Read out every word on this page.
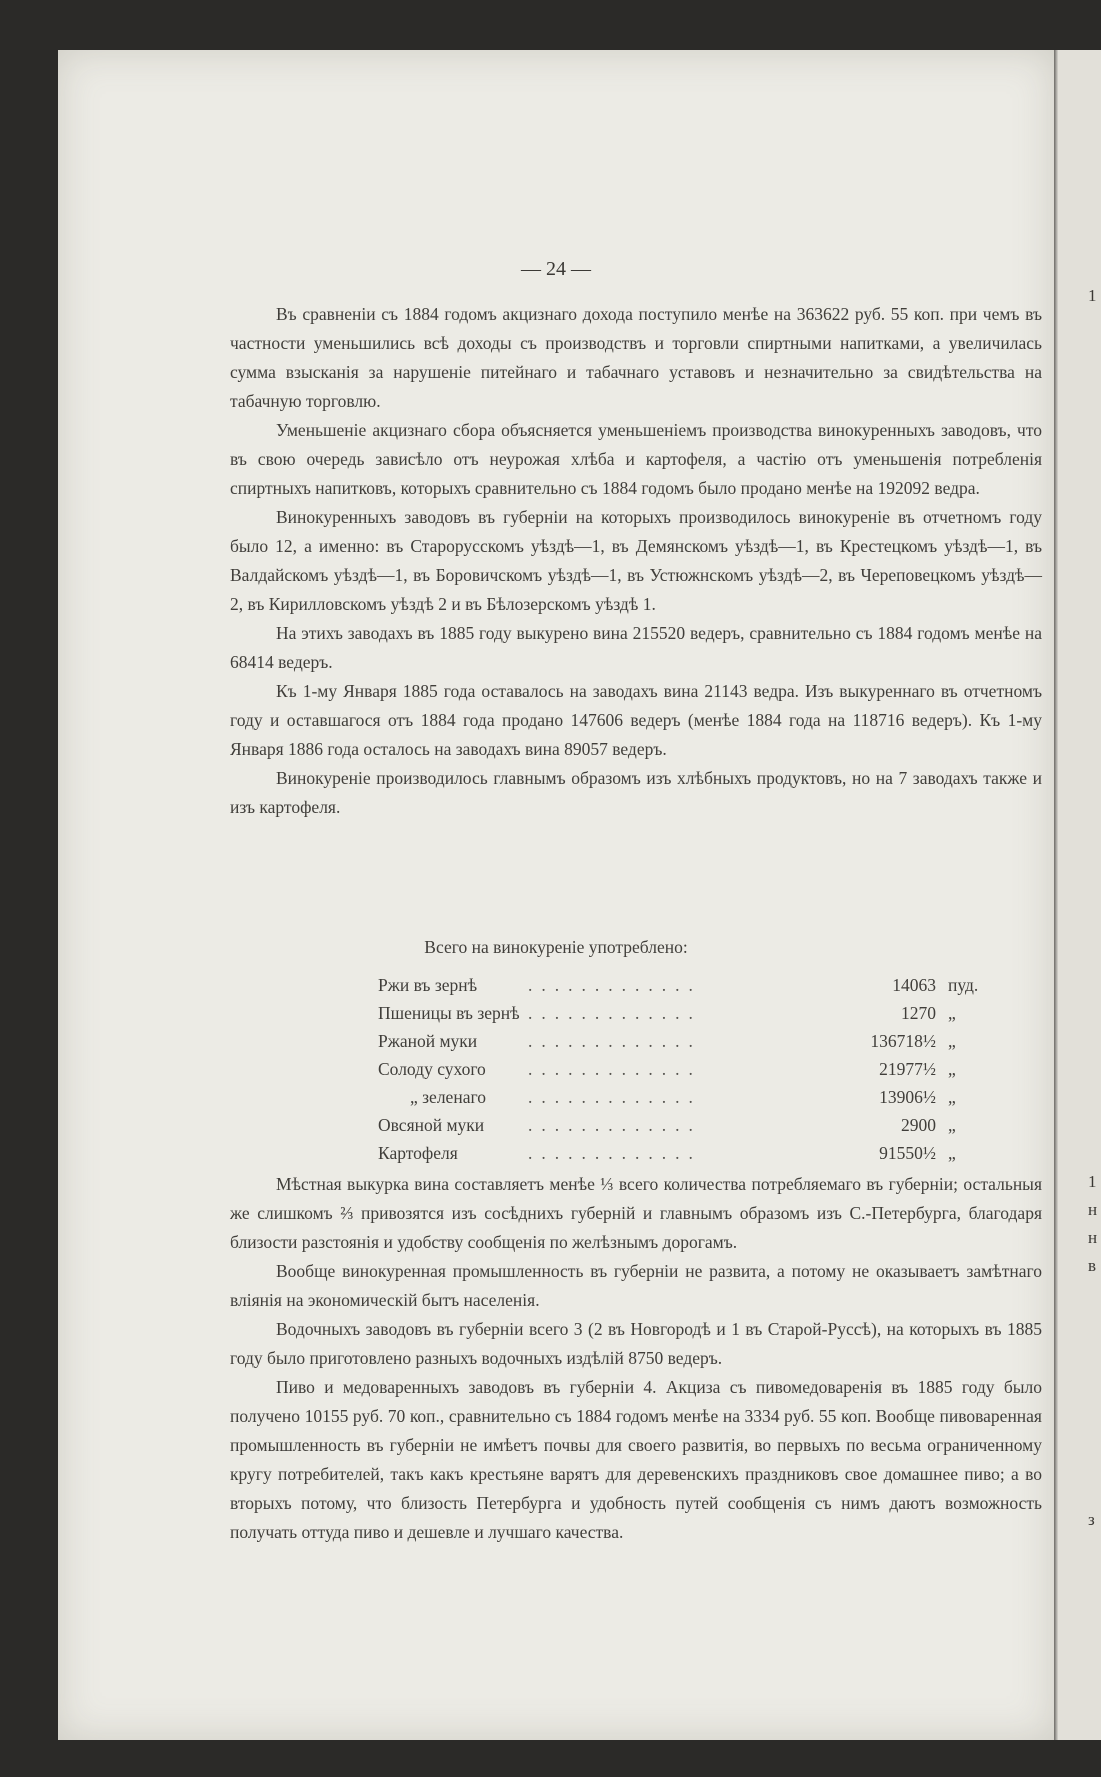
— 24 —

Въ сравненіи съ 1884 годомъ акцизнаго дохода поступило менѣе на 363622 руб. 55 коп. при чемъ въ частности уменьшились всѣ доходы съ производствъ и торговли спиртными напитками, а увеличилась сумма взысканія за нарушеніе питейнаго и табачнаго уставовъ и незначительно за свидѣтельства на табачную торговлю.

Уменьшеніе акцизнаго сбора объясняется уменьшеніемъ производства винокуренныхъ заводовъ, что въ свою очередь зависѣло отъ неурожая хлѣба и картофеля, а частію отъ уменьшенія потребленія спиртныхъ напитковъ, которыхъ сравнительно съ 1884 годомъ было продано менѣе на 192092 ведра.

Винокуренныхъ заводовъ въ губерніи на которыхъ производилось винокуреніе въ отчетномъ году было 12, а именно: въ Старорусскомъ уѣздѣ—1, въ Демянскомъ уѣздѣ—1, въ Крестецкомъ уѣздѣ—1, въ Валдайскомъ уѣздѣ—1, въ Боровичскомъ уѣздѣ—1, въ Устюжнскомъ уѣздѣ—2, въ Череповецкомъ уѣздѣ—2, въ Кирилловскомъ уѣздѣ 2 и въ Бѣлозерскомъ уѣздѣ 1.

На этихъ заводахъ въ 1885 году выкурено вина 215520 ведеръ, сравнительно съ 1884 годомъ менѣе на 68414 ведеръ.

Къ 1-му Января 1885 года оставалось на заводахъ вина 21143 ведра. Изъ выкуреннаго въ отчетномъ году и оставшагося отъ 1884 года продано 147606 ведеръ (менѣе 1884 года на 118716 ведеръ). Къ 1-му Января 1886 года осталось на заводахъ вина 89057 ведеръ.

Винокуреніе производилось главнымъ образомъ изъ хлѣбныхъ продуктовъ, но на 7 заводахъ также и изъ картофеля.

Всего на винокуреніе употреблено:
Ржи въ зернѣ	.............	14063 пуд.
Пшеницы въ зернѣ .............	1270 „
Ржаной муки	.............	136718½ „
Солоду сухого	.............	21977½ „
„ зеленаго	.............	13906½ „
Овсяной муки	.............	2900 „
Картофеля	.............	91550½ „

Мѣстная выкурка вина составляетъ менѣе ⅓ всего количества потребляемаго въ губерніи; остальныя же слишкомъ ⅔ привозятся изъ сосѣднихъ губерній и главнымъ образомъ изъ С.-Петербурга, благодаря близости разстоянія и удобству сообщенія по желѣзнымъ дорогамъ.

Вообще винокуренная промышленность въ губерніи не развита, а потому не оказываетъ замѣтнаго вліянія на экономическій бытъ населенія.

Водочныхъ заводовъ въ губерніи всего 3 (2 въ Новгородѣ и 1 въ Старой-Руссѣ), на которыхъ въ 1885 году было приготовлено разныхъ водочныхъ издѣлій 8750 ведеръ.

Пиво и медоваренныхъ заводовъ въ губерніи 4. Акциза съ пивомедоваренія въ 1885 году было получено 10155 руб. 70 коп., сравнительно съ 1884 годомъ менѣе на 3334 руб. 55 коп. Вообще пивоваренная промышленность въ губерніи не имѣетъ почвы для своего развитія, во первыхъ по весьма ограниченному кругу потребителей, такъ какъ крестьяне варятъ для деревенскихъ праздниковъ свое домашнее пиво; а во вторыхъ потому, что близость Петербурга и удобность путей сообщенія съ нимъ даютъ возможность получать оттуда пиво и дешевле и лучшаго качества.

1
1
н
н
в
з
